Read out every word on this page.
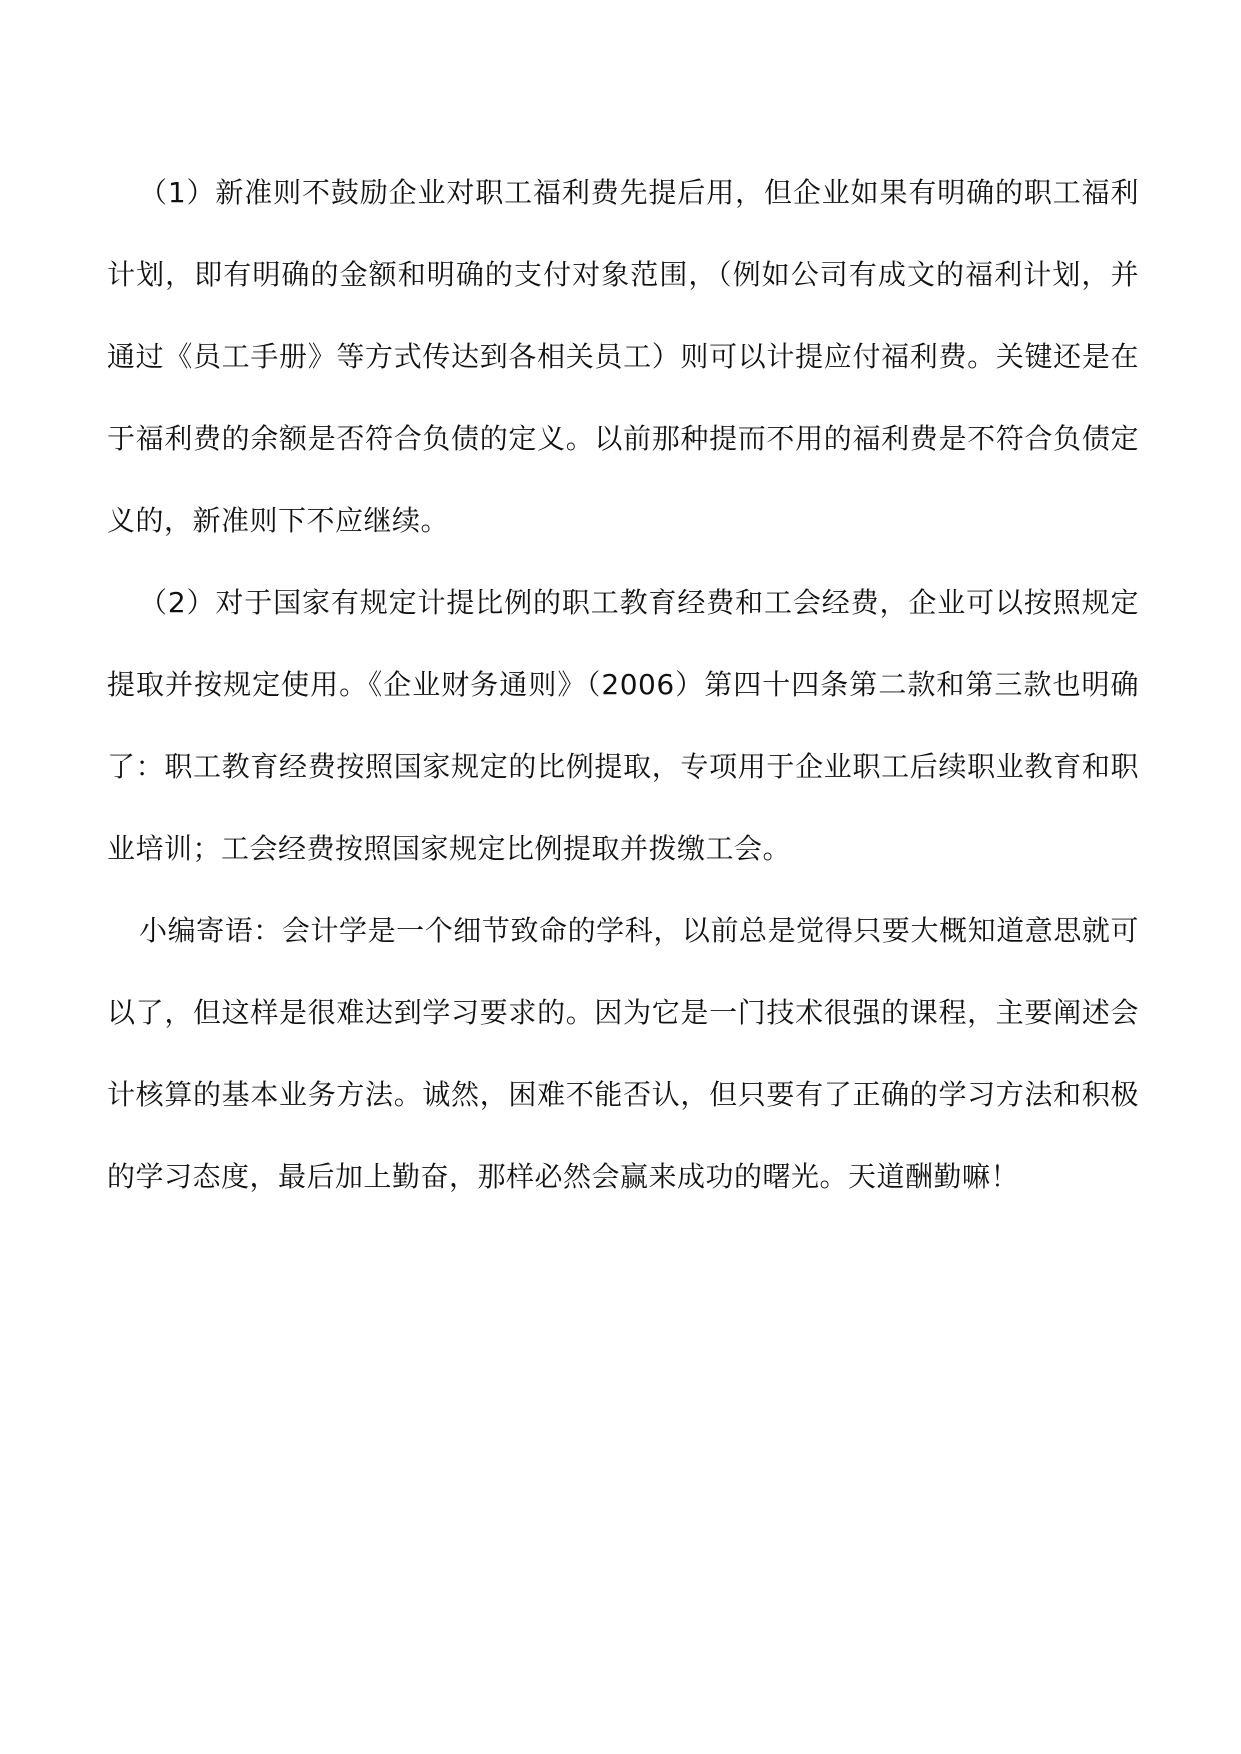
（1）新准则不鼓励企业对职工福利费先提后用，但企业如果有明确的职工福利计划，即有明确的金额和明确的支付对象范围，（例如公司有成文的福利计划，并通过《员工手册》等方式传达到各相关员工）则可以计提应付福利费。关键还是在于福利费的余额是否符合负债的定义。以前那种提而不用的福利费是不符合负债定义的，新准则下不应继续。

（2）对于国家有规定计提比例的职工教育经费和工会经费，企业可以按照规定提取并按规定使用。《企业财务通则》（2006）第四十四条第二款和第三款也明确了：职工教育经费按照国家规定的比例提取，专项用于企业职工后续职业教育和职业培训；工会经费按照国家规定比例提取并拨缴工会。

小编寄语：会计学是一个细节致命的学科，以前总是觉得只要大概知道意思就可以了，但这样是很难达到学习要求的。因为它是一门技术很强的课程，主要阐述会计核算的基本业务方法。诚然，困难不能否认，但只要有了正确的学习方法和积极的学习态度，最后加上勤奋，那样必然会赢来成功的曙光。天道酬勤嘛！
